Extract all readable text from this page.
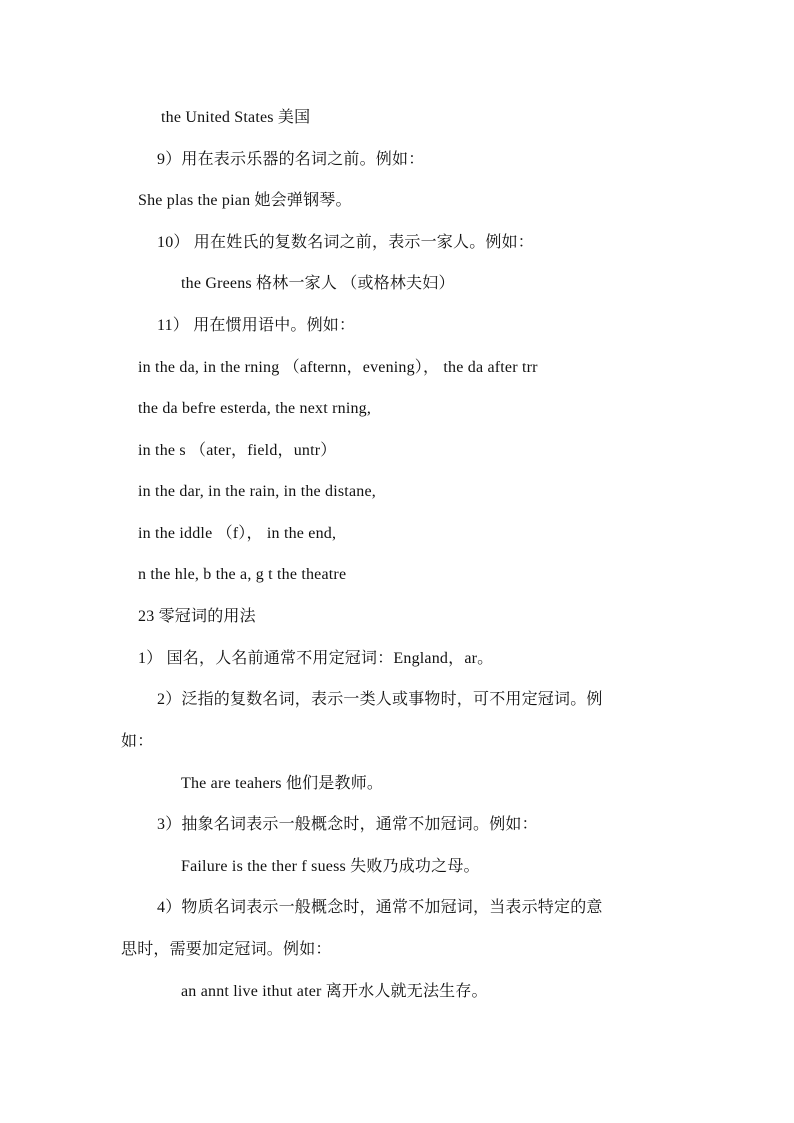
the United States 美国
9）用在表示乐器的名词之前。例如：
She plas the pian 她会弹钢琴。
10） 用在姓氏的复数名词之前，表示一家人。例如：
the Greens 格林一家人 （或格林夫妇）
11） 用在惯用语中。例如：
in the da, in the rning （afternn，evening）， the da after trr
the da befre esterda, the next rning,
in the s （ater，field，untr）
in the dar, in the rain, in the distane,
in the iddle （f）， in the end,
n the hle, b the a, g t the theatre
23 零冠词的用法
1） 国名，人名前通常不用定冠词：England，ar。
2）泛指的复数名词，表示一类人或事物时，可不用定冠词。例
如：
The are teahers 他们是教师。
3）抽象名词表示一般概念时，通常不加冠词。例如：
Failure is the ther f suess 失败乃成功之母。
4）物质名词表示一般概念时，通常不加冠词，当表示特定的意
思时，需要加定冠词。例如：
an annt live ithut ater 离开水人就无法生存。
